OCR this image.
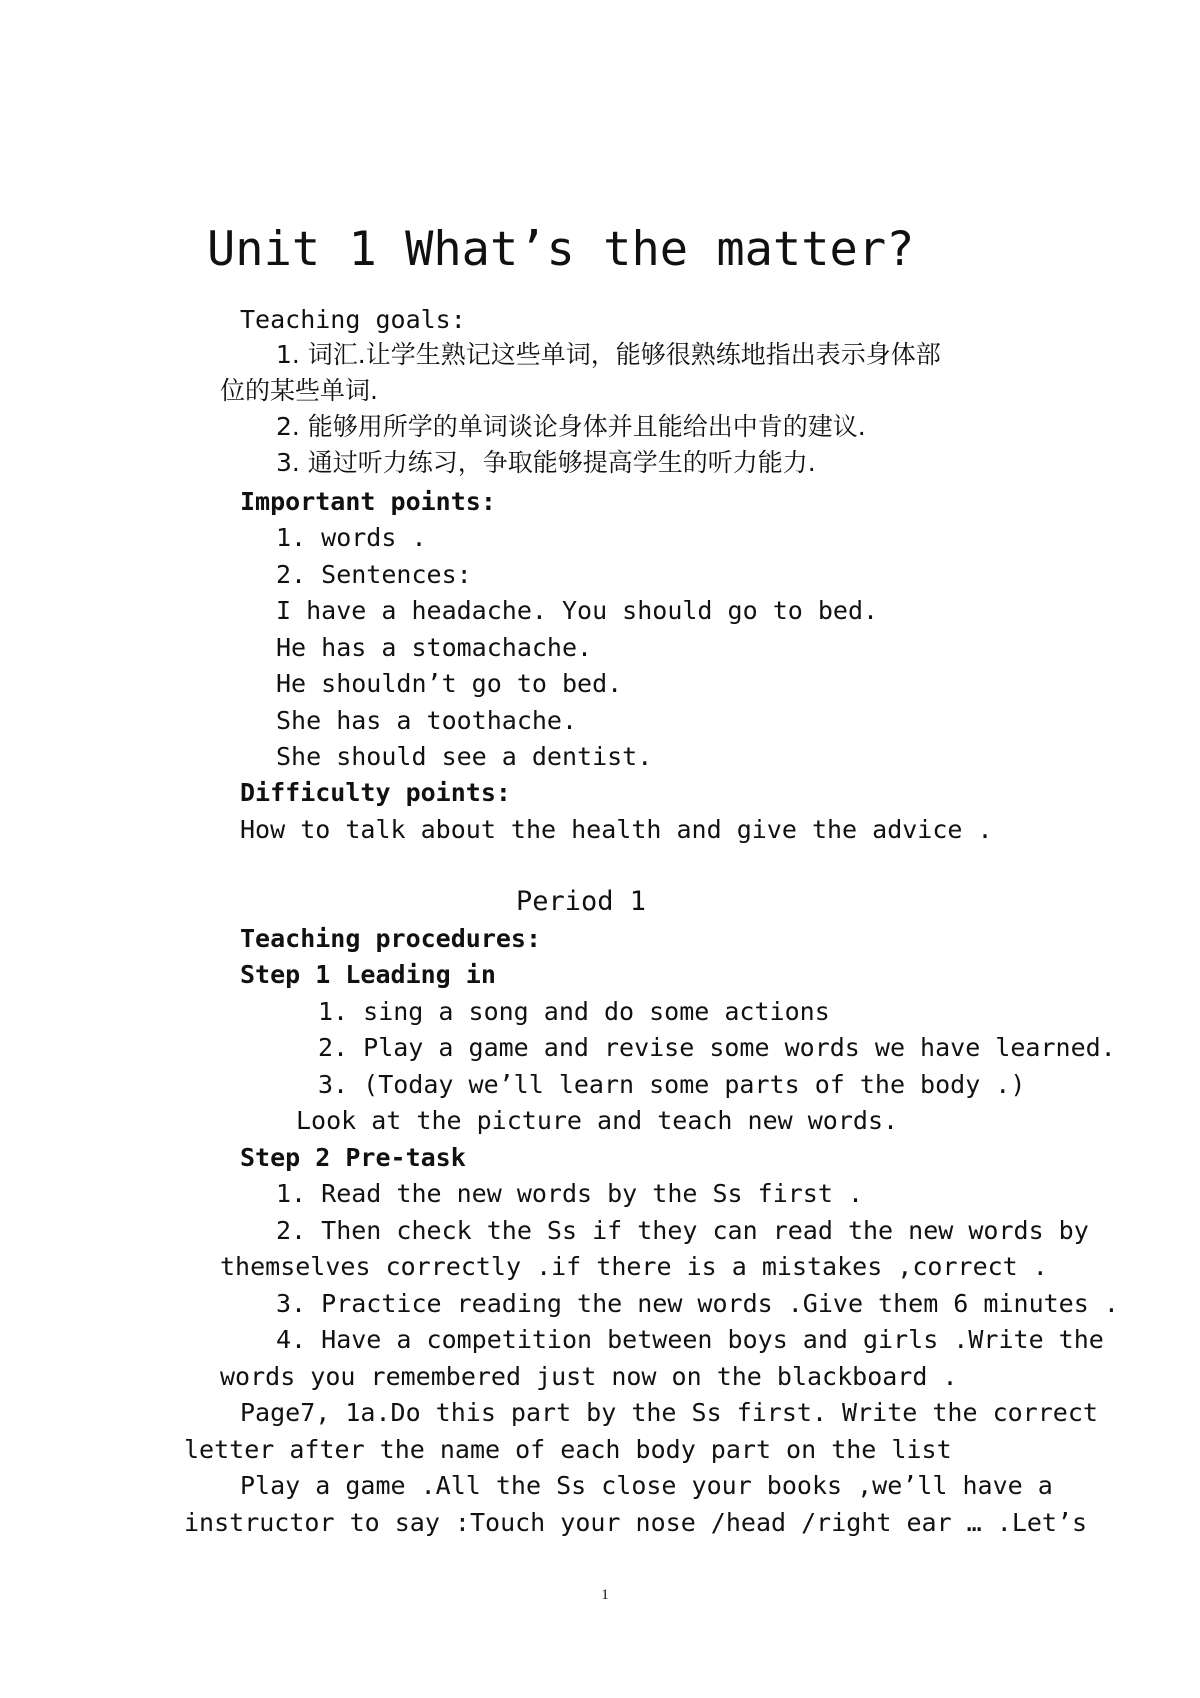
Unit 1 What’s the matter?

Teaching goals:

1. 词汇.让学生熟记这些单词，能够很熟练地指出表示身体部

位的某些单词.

2. 能够用所学的单词谈论身体并且能给出中肯的建议.

3. 通过听力练习，争取能够提高学生的听力能力.

Important points:

1. words .

2. Sentences:

I have a headache. You should go to bed.

He has a stomachache.

He shouldn’t go to bed.

She has a toothache.

She should see a dentist.

Difficulty points:

How to talk about the health and give the advice .

Period 1

Teaching procedures:

Step 1 Leading in

1. sing a song and do some actions

2. Play a game and revise some words we have learned.

3. (Today we’ll learn some parts of the body .)

Look at the picture and teach new words.

Step 2 Pre-task

1. Read the new words by the Ss first .

2. Then check the Ss if they can read the new words by

themselves correctly .if there is a mistakes ,correct .

3. Practice reading the new words .Give them 6 minutes .

4. Have a competition between boys and girls .Write the

words you remembered just now on the blackboard .

Page7, 1a.Do this part by the Ss first. Write the correct

letter after the name of each body part on the list

Play a game .All the Ss close your books ,we’ll have a

instructor to say :Touch your nose /head /right ear … .Let’s

1
